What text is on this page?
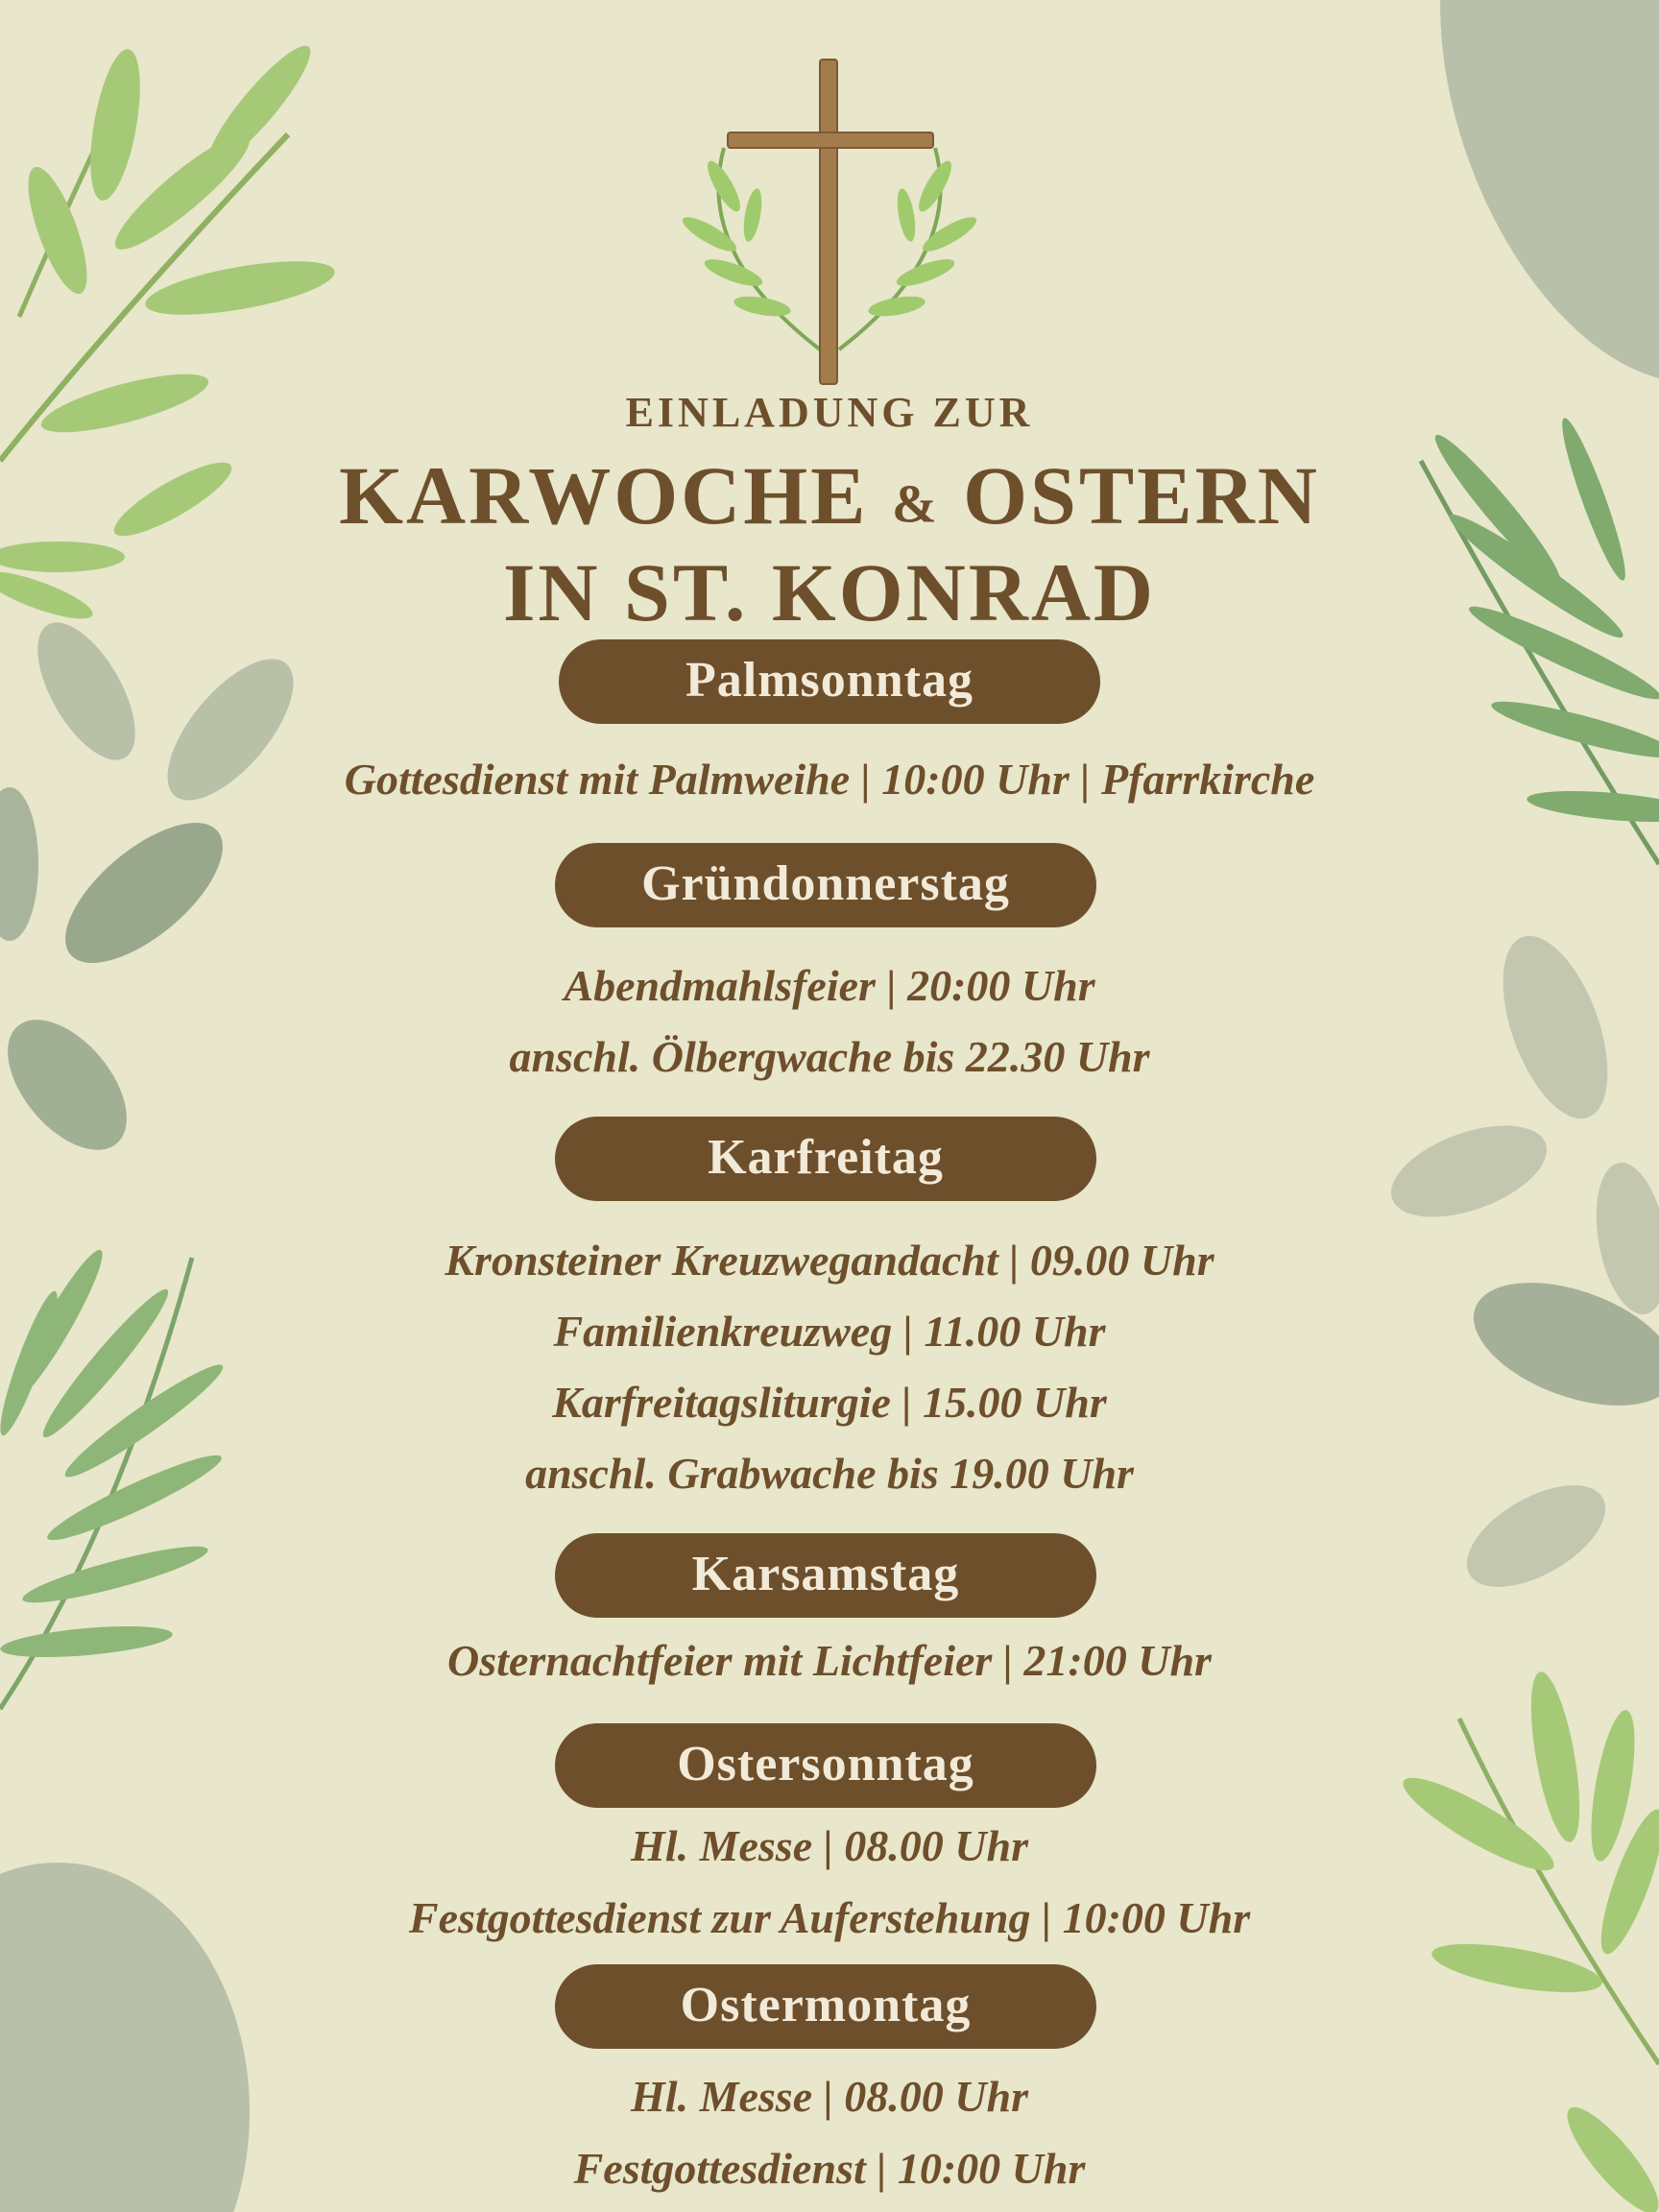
EINLADUNG ZUR
KARWOCHE & OSTERN
IN ST. KONRAD
Palmsonntag
Gottesdienst mit Palmweihe | 10:00 Uhr | Pfarrkirche
Gründonnerstag
Abendmahlsfeier | 20:00 Uhr
anschl. Ölbergwache bis 22.30 Uhr
Karfreitag
Kronsteiner Kreuzwegandacht | 09.00 Uhr
Familienkreuzweg | 11.00 Uhr
Karfreitagsliturgie | 15.00 Uhr
anschl. Grabwache bis 19.00 Uhr
Karsamstag
Osternachtfeier mit Lichtfeier | 21:00 Uhr
Ostersonntag
Hl. Messe | 08.00 Uhr
Festgottesdienst zur Auferstehung | 10:00 Uhr
Ostermontag
Hl. Messe | 08.00 Uhr
Festgottesdienst | 10:00 Uhr
